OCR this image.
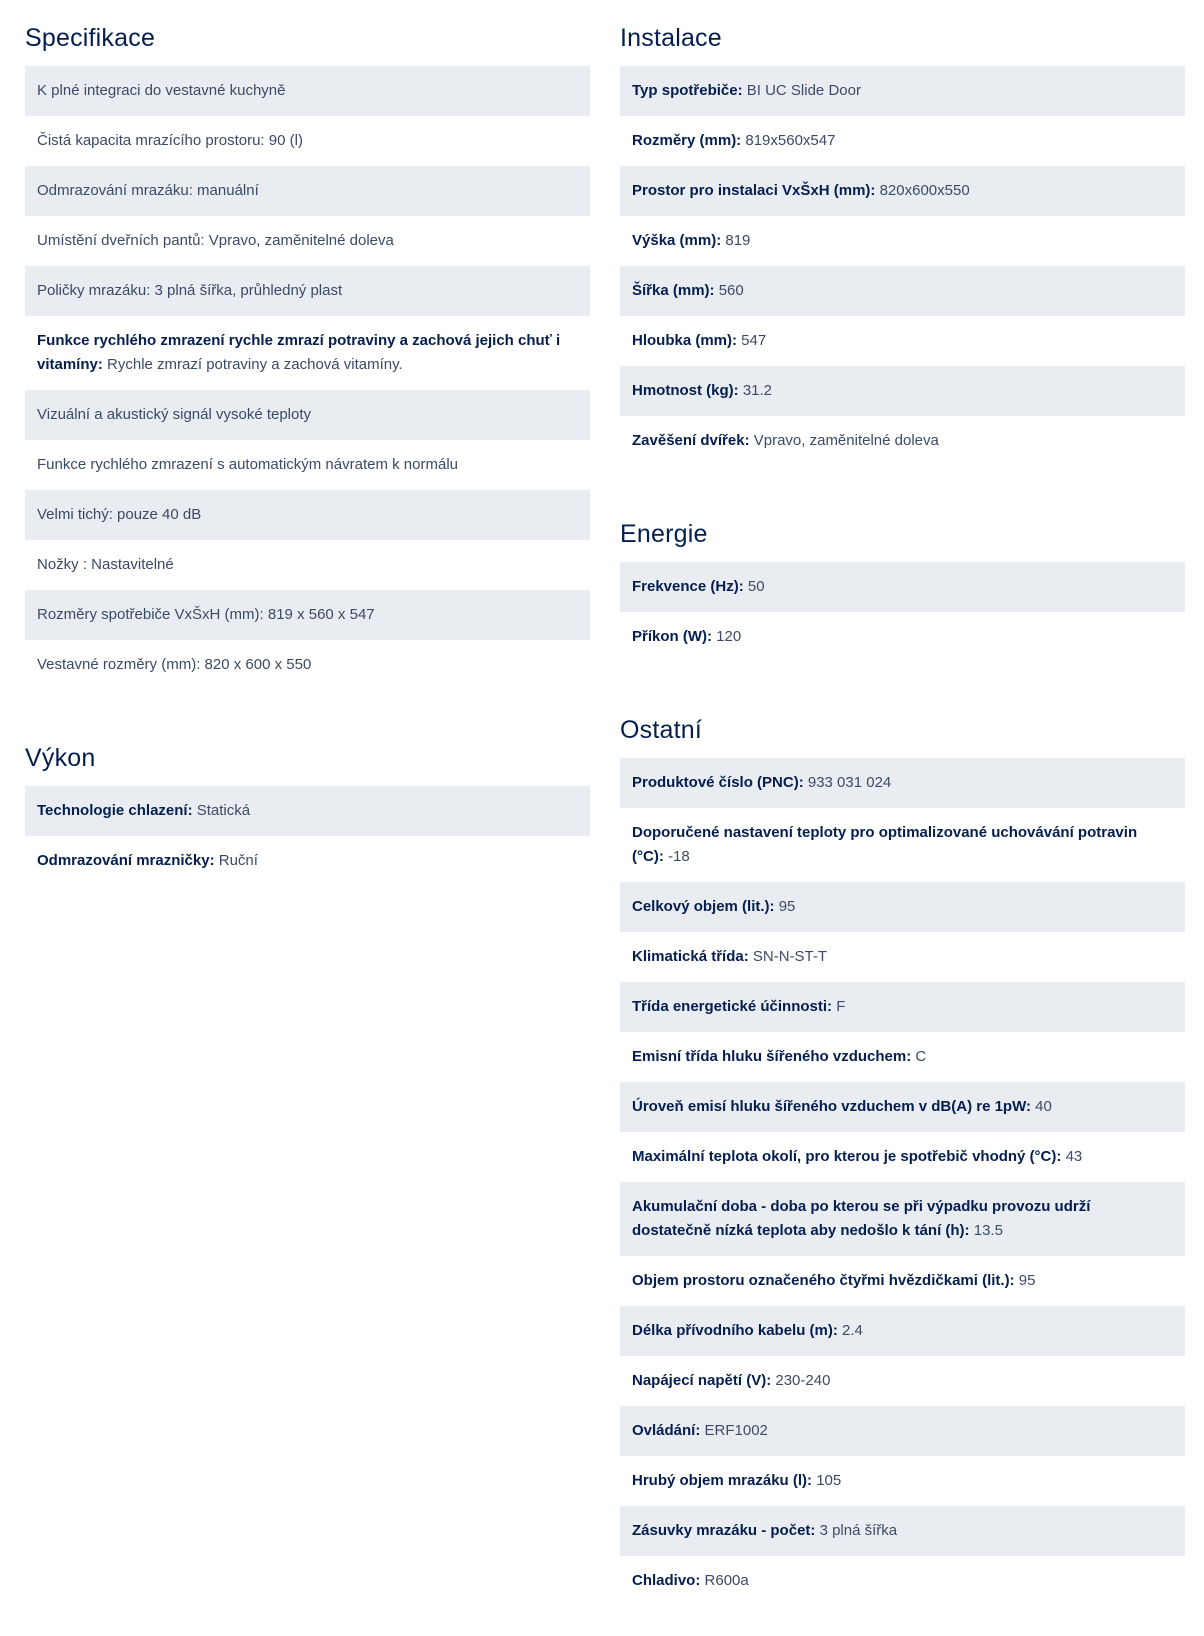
Specifikace
K plné integraci do vestavné kuchyně
Čistá kapacita mrazícího prostoru: 90 (l)
Odmrazování mrazáku: manuální
Umístění dveřních pantů: Vpravo, zaměnitelné doleva
Poličky mrazáku: 3 plná šířka, průhledný plast
Funkce rychlého zmrazení rychle zmrazí potraviny a zachová jejich chuť i vitamíny: Rychle zmrazí potraviny a zachová vitamíny.
Vizuální a akustický signál vysoké teploty
Funkce rychlého zmrazení s automatickým návratem k normálu
Velmi tichý: pouze 40 dB
Nožky : Nastavitelné
Rozměry spotřebiče VxŠxH (mm): 819 x 560 x 547
Vestavné rozměry (mm): 820 x 600 x 550
Výkon
Technologie chlazení: Statická
Odmrazování mrazničky: Ruční
Instalace
Typ spotřebiče: BI UC Slide Door
Rozměry (mm): 819x560x547
Prostor pro instalaci VxŠxH (mm): 820x600x550
Výška (mm): 819
Šířka (mm): 560
Hloubka (mm): 547
Hmotnost (kg): 31.2
Zavěšení dvířek: Vpravo, zaměnitelné doleva
Energie
Frekvence (Hz): 50
Příkon (W): 120
Ostatní
Produktové číslo (PNC): 933 031 024
Doporučené nastavení teploty pro optimalizované uchovávání potravin (°C): -18
Celkový objem (lit.): 95
Klimatická třída: SN-N-ST-T
Třída energetické účinnosti: F
Emisní třída hluku šířeného vzduchem: C
Úroveň emisí hluku šířeného vzduchem v dB(A) re 1pW: 40
Maximální teplota okolí, pro kterou je spotřebič vhodný (°C): 43
Akumulační doba - doba po kterou se při výpadku provozu udrží dostatečně nízká teplota aby nedošlo k tání (h): 13.5
Objem prostoru označeného čtyřmi hvězdičkami (lit.): 95
Délka přívodního kabelu (m): 2.4
Napájecí napětí (V): 230-240
Ovládání: ERF1002
Hrubý objem mrazáku (l): 105
Zásuvky mrazáku - počet: 3 plná šířka
Chladivo: R600a
